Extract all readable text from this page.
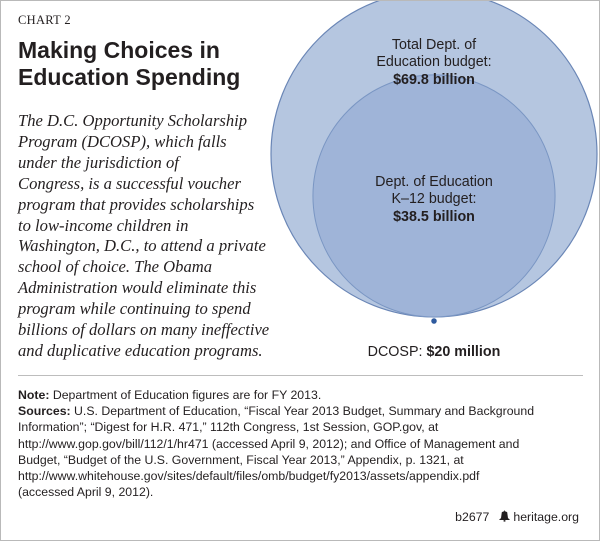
CHART 2
Making Choices in
Education Spending

The D.C. Opportunity Scholarship
Program (DCOSP), which falls
under the jurisdiction of
Congress, is a successful voucher
program that provides scholarships
to low-income children in
Washington, D.C., to attend a private
school of choice. The Obama
Administration would eliminate this
program while continuing to spend
billions of dollars on many ineffective
and duplicative education programs.

Total Dept. of
Education budget:
$69.8 billion
Dept. of Education
K–12 budget:
$38.5 billion
DCOSP: $20 million

Note: Department of Education figures are for FY 2013.

Sources: U.S. Department of Education, “Fiscal Year 2013 Budget, Summary and Background
Information”; “Digest for H.R. 471,” 112th Congress, 1st Session, GOP.gov, at
http://www.gop.gov/bill/112/1/hr471 (accessed April 9, 2012); and Office of Management and
Budget, “Budget of the U.S. Government, Fiscal Year 2013,” Appendix, p. 1321, at
http://www.whitehouse.gov/sites/default/files/omb/budget/fy2013/assets/appendix.pdf
(accessed April 9, 2012).

b2677 heritage.org
